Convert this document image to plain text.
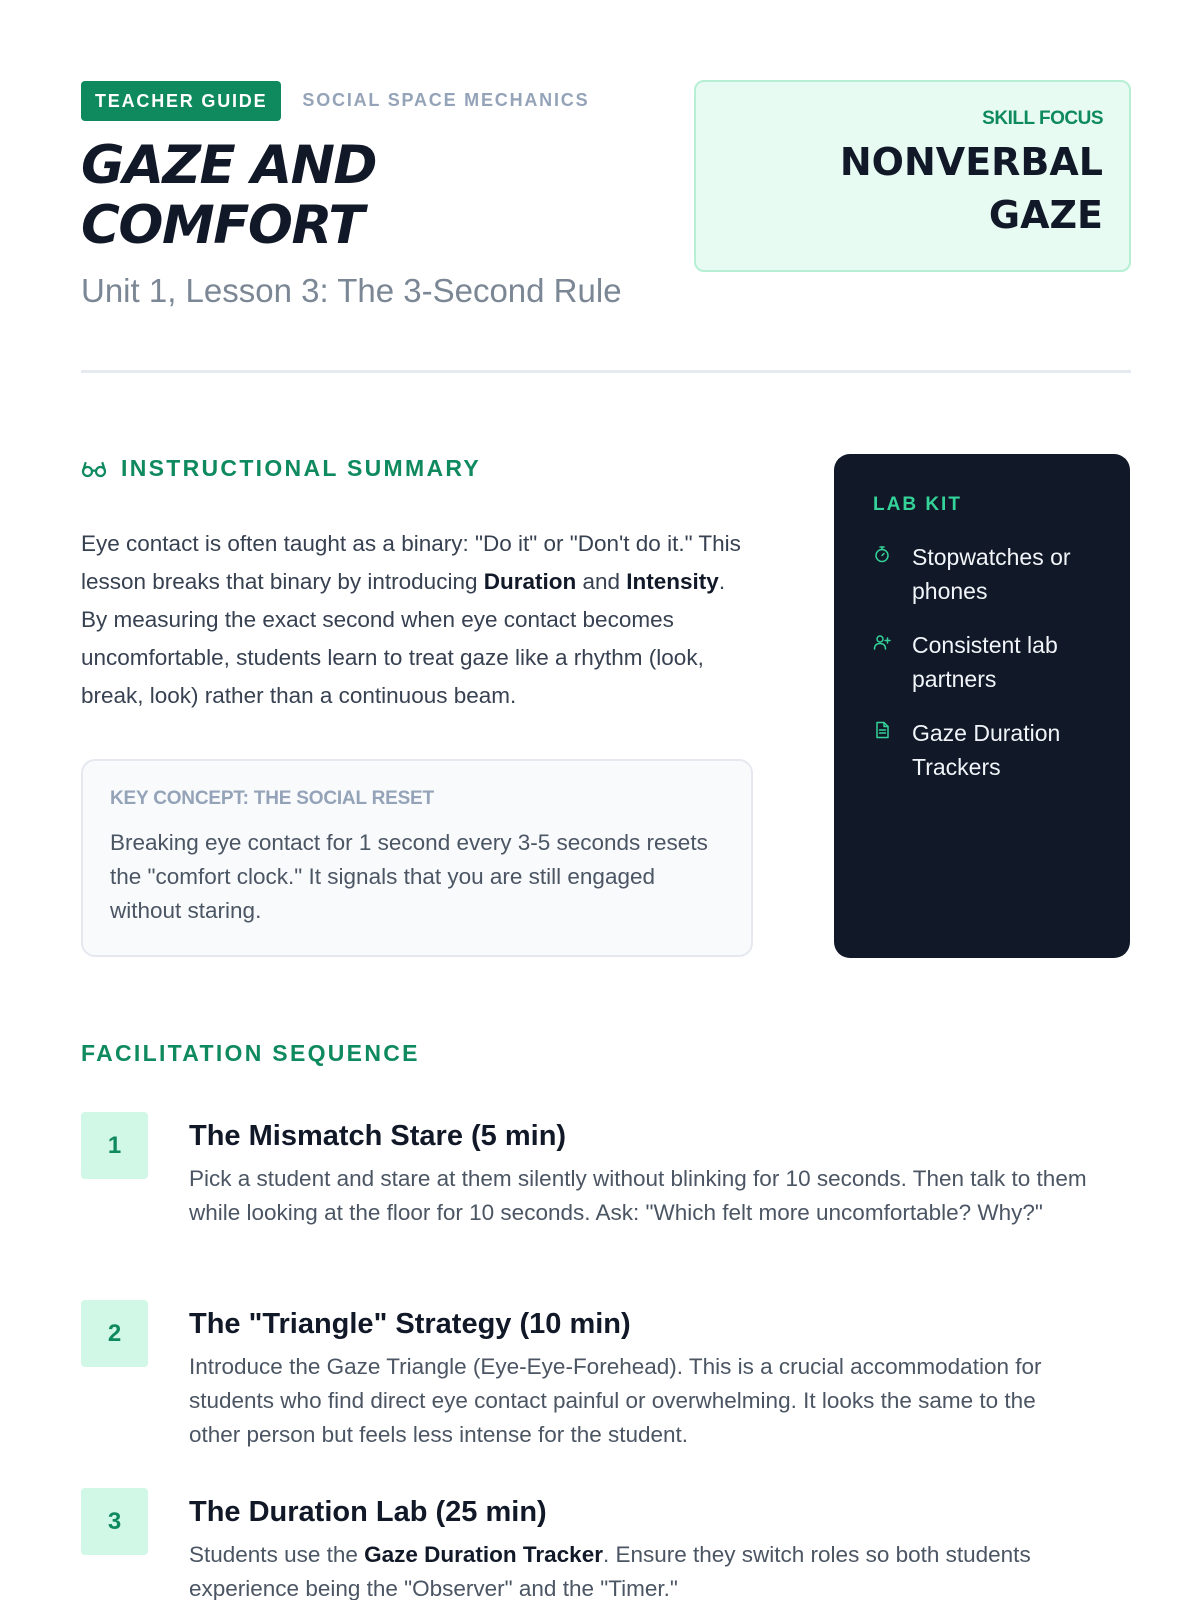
TEACHER GUIDE	SOCIAL SPACE MECHANICS
GAZE AND COMFORT
Unit 1, Lesson 3: The 3-Second Rule
SKILL FOCUS
NONVERBAL GAZE
INSTRUCTIONAL SUMMARY

Eye contact is often taught as a binary: "Do it" or "Don't do it." This lesson breaks that binary by introducing Duration and Intensity. By measuring the exact second when eye contact becomes uncomfortable, students learn to treat gaze like a rhythm (look, break, look) rather than a continuous beam.

KEY CONCEPT: THE SOCIAL RESET
Breaking eye contact for 1 second every 3-5 seconds resets the "comfort clock." It signals that you are still engaged without staring.
LAB KIT
Stopwatches or phones
Consistent lab partners
Gaze Duration Trackers
FACILITATION SEQUENCE
1	The Mismatch Stare (5 min)

Pick a student and stare at them silently without blinking for 10 seconds. Then talk to them while looking at the floor for 10 seconds. Ask: "Which felt more uncomfortable? Why?"

2	The "Triangle" Strategy (10 min)

Introduce the Gaze Triangle (Eye-Eye-Forehead). This is a crucial accommodation for students who find direct eye contact painful or overwhelming. It looks the same to the other person but feels less intense for the student.

3	The Duration Lab (25 min)

Students use the Gaze Duration Tracker. Ensure they switch roles so both students experience being the "Observer" and the "Timer."
